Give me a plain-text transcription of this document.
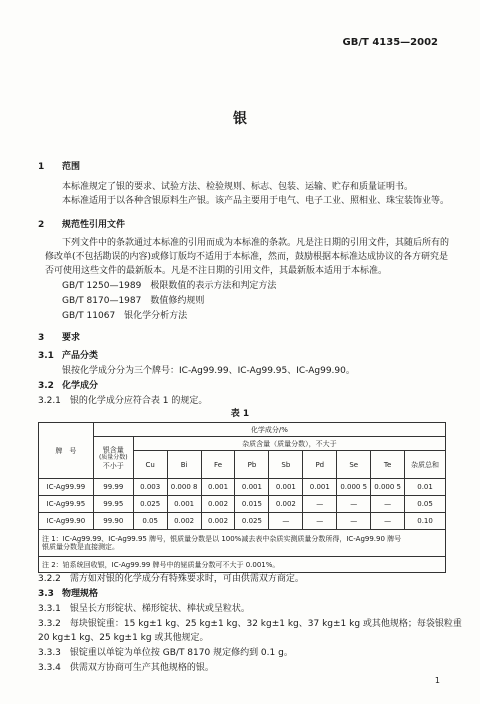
GB/T 4135—2002
银
1 范围
本标准规定了银的要求、试验方法、检验规则、标志、包装、运输、贮存和质量证明书。
本标准适用于以各种含银原料生产银。该产品主要用于电气、电子工业、照相业、珠宝装饰业等。
2 规范性引用文件
下列文件中的条款通过本标准的引用而成为本标准的条款。凡是注日期的引用文件，其随后所有的
修改单(不包括勘误的内容)或修订版均不适用于本标准，然而，鼓励根据本标准达成协议的各方研究是
否可使用这些文件的最新版本。凡是不注日期的引用文件，其最新版本适用于本标准。
GB/T 1250—1989　极限数值的表示方法和判定方法
GB/T 8170—1987　数值修约规则
GB/T 11067　银化学分析方法
3 要求
3.1 产品分类
银按化学成分分为三个牌号：IC-Ag99.99、IC-Ag99.95、IC-Ag99.90。
3.2 化学成分
3.2.1　银的化学成分应符合表 1 的规定。
表 1
牌　号	化学成分/%									

	银含量
(质量分数)
不小于	杂质含量（质量分数），不大于								
		Cu	Bi	Fe	Pb	Sb	Pd	Se	Te	杂质总和
IC-Ag99.99	99.99	0.003	0.000 8	0.001	0.001	0.001	0.001	0.000 5	0.000 5	0.01
IC-Ag99.95	99.95	0.025	0.001	0.002	0.015	0.002	—	—	—	0.05
IC-Ag99.90	99.90	0.05	0.002	0.002	0.025	—	—	—	—	0.10

注 1：IC-Ag99.99、IC-Ag99.95 牌号，银质量分数是以 100%减去表中杂质实测质量分数所得，IC-Ag99.90 牌号
银质量分数是直接测定。										

注 2：铂系统回收银，IC-Ag99.99 牌号中的铋质量分数可不大于 0.001%。										
3.2.2　需方如对银的化学成分有特殊要求时，可由供需双方商定。
3.3 物理规格
3.3.1　银呈长方形锭状、梯形锭状、棒状或呈粒状。
3.3.2　每块银锭重：15 kg±1 kg、25 kg±1 kg、32 kg±1 kg、37 kg±1 kg 或其他规格；每袋银粒重
20 kg±1 kg、25 kg±1 kg 或其他规定。
3.3.3　银锭重以单锭为单位按 GB/T 8170 规定修约到 0.1 g。
3.3.4　供需双方协商可生产其他规格的银。
1
